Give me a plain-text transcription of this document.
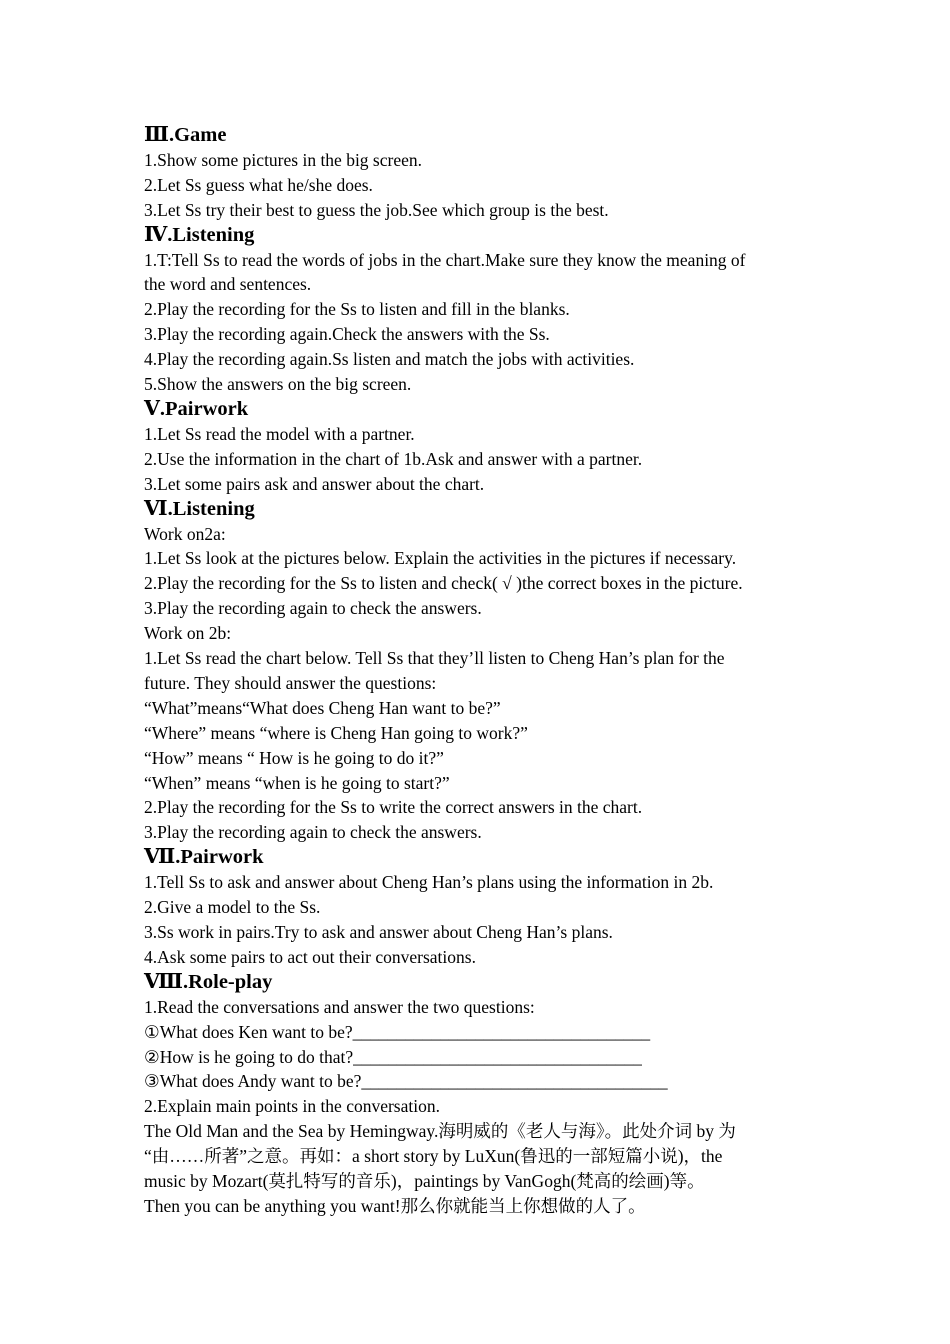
Ⅲ.Game
1.Show some pictures in the big screen.
2.Let Ss guess what he/she does.
3.Let Ss try their best to guess the job.See which group is the best.
Ⅳ.Listening
1.T:Tell Ss to read the words of jobs in the chart.Make sure they know the meaning of
the word and sentences.
2.Play the recording for the Ss to listen and fill in the blanks.
3.Play the recording again.Check the answers with the Ss.
4.Play the recording again.Ss listen and match the jobs with activities.
5.Show the answers on the big screen.
Ⅴ.Pairwork
1.Let Ss read the model with a partner.
2.Use the information in the chart of 1b.Ask and answer with a partner.
3.Let some pairs ask and answer about the chart.
Ⅵ.Listening
Work on2a:
1.Let Ss look at the pictures below. Explain the activities in the pictures if necessary.
2.Play the recording for the Ss to listen and check( √ )the correct boxes in the picture.
3.Play the recording again to check the answers.
Work on 2b:
1.Let Ss read the chart below. Tell Ss that they’ll listen to Cheng Han’s plan for the
future. They should answer the questions:
“What”means“What does Cheng Han want to be?”
“Where” means “where is Cheng Han going to work?”
“How” means “ How is he going to do it?”
“When” means “when is he going to start?”
2.Play the recording for the Ss to write the correct answers in the chart.
3.Play the recording again to check the answers.
Ⅶ.Pairwork
1.Tell Ss to ask and answer about Cheng Han’s plans using the information in 2b.
2.Give a model to the Ss.
3.Ss work in pairs.Try to ask and answer about Cheng Han’s plans.
4.Ask some pairs to act out their conversations.
Ⅷ.Role-play
1.Read the conversations and answer the two questions:
①What does Ken want to be?__________________________________
②How is he going to do that?_________________________________
③What does Andy want to be?___________________________________
2.Explain main points in the conversation.
The Old Man and the Sea by Hemingway.海明威的《老人与海》。此处介词 by 为
“由……所著”之意。再如：a short story by LuXun(鲁迅的一部短篇小说)，the
music by Mozart(莫扎特写的音乐)，paintings by VanGogh(梵高的绘画)等。
Then you can be anything you want!那么你就能当上你想做的人了。
